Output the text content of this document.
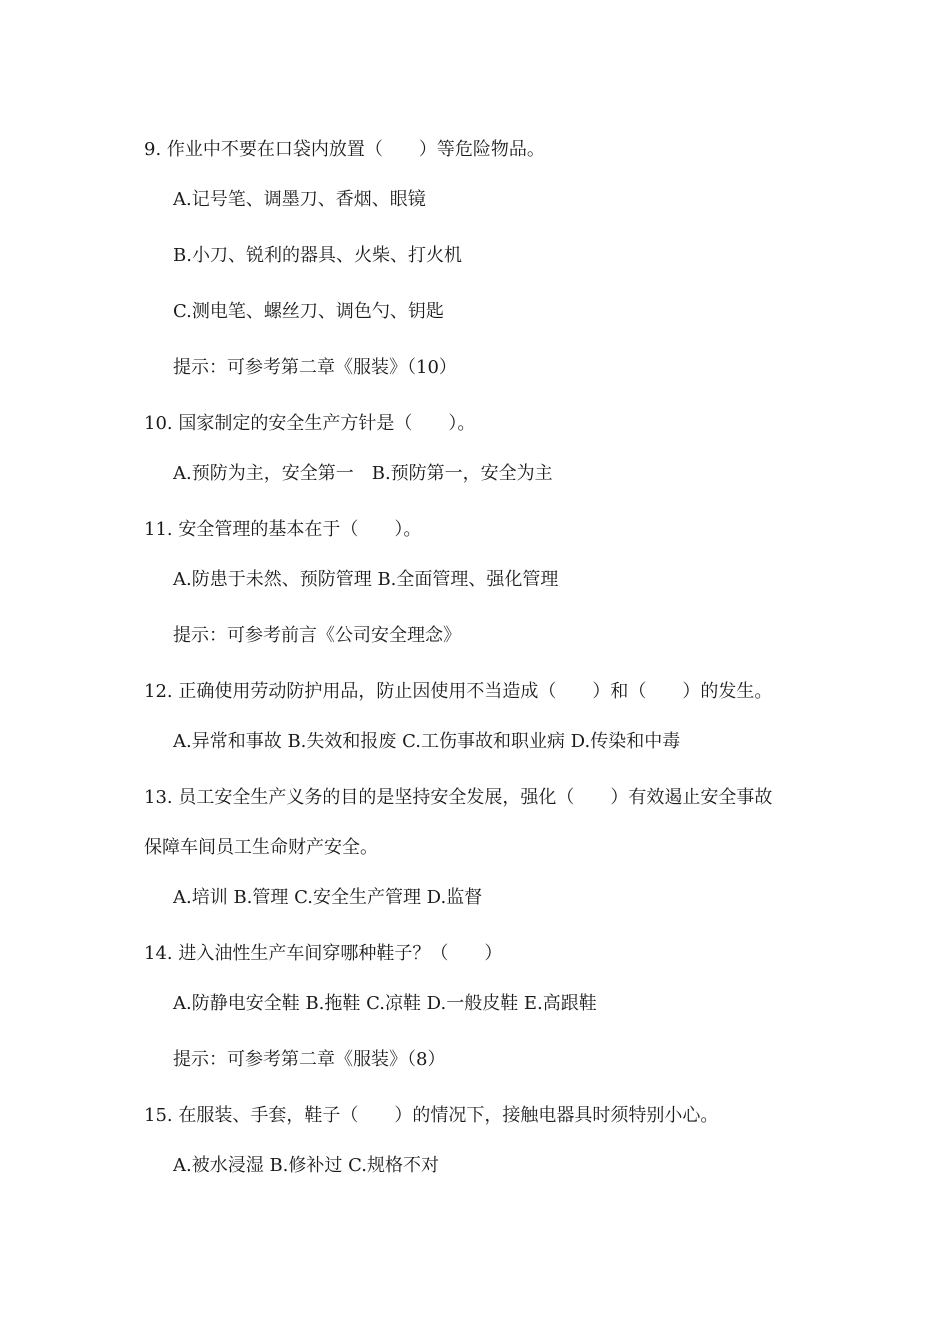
9. 作业中不要在口袋内放置（　　）等危险物品。
A.记号笔、调墨刀、香烟、眼镜
B.小刀、锐利的器具、火柴、打火机
C.测电笔、螺丝刀、调色勺、钥匙
提示：可参考第二章《服装》（10）
10. 国家制定的安全生产方针是（　　）。
A.预防为主，安全第一　B.预防第一，安全为主
11. 安全管理的基本在于（　　）。
A.防患于未然、预防管理 B.全面管理、强化管理
提示：可参考前言《公司安全理念》
12. 正确使用劳动防护用品，防止因使用不当造成（　　）和（　　）的发生。
A.异常和事故 B.失效和报废 C.工伤事故和职业病 D.传染和中毒
13. 员工安全生产义务的目的是坚持安全发展，强化（　　）有效遏止安全事故
保障车间员工生命财产安全。
A.培训 B.管理 C.安全生产管理 D.监督
14. 进入油性生产车间穿哪种鞋子？（　　）
A.防静电安全鞋 B.拖鞋 C.凉鞋 D.一般皮鞋 E.高跟鞋
提示：可参考第二章《服装》（8）
15. 在服装、手套，鞋子（　　）的情况下，接触电器具时须特别小心。
A.被水浸湿 B.修补过 C.规格不对
